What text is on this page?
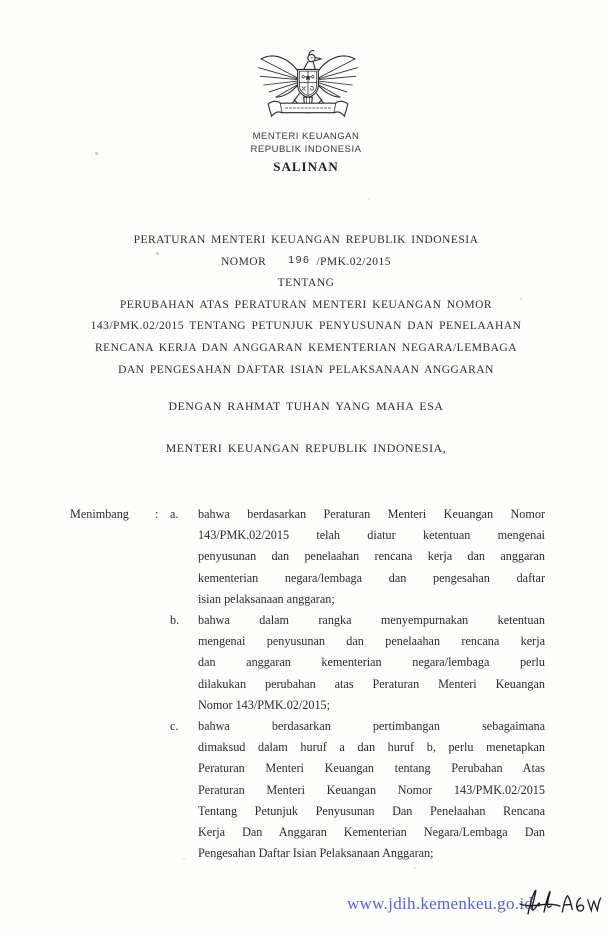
MENTERI KEUANGAN
REPUBLIK INDONESIA
SALINAN
PERATURAN MENTERI KEUANGAN REPUBLIK INDONESIA
NOMOR 196 /PMK.02/2015
TENTANG
PERUBAHAN ATAS PERATURAN MENTERI KEUANGAN NOMOR
143/PMK.02/2015 TENTANG PETUNJUK PENYUSUNAN DAN PENELAAHAN
RENCANA KERJA DAN ANGGARAN KEMENTERIAN NEGARA/LEMBAGA
DAN PENGESAHAN DAFTAR ISIAN PELAKSANAAN ANGGARAN
DENGAN RAHMAT TUHAN YANG MAHA ESA
MENTERI KEUANGAN REPUBLIK INDONESIA,
Menimbang	: a.	bahwa berdasarkan Peraturan Menteri Keuangan Nomor
143/PMK.02/2015 telah diatur ketentuan mengenai
penyusunan dan penelaahan rencana kerja dan anggaran
kementerian negara/lembaga dan pengesahan daftar
isian pelaksanaan anggaran;
b.	bahwa dalam rangka menyempurnakan ketentuan
mengenai penyusunan dan penelaahan rencana kerja
dan anggaran kementerian negara/lembaga perlu
dilakukan perubahan atas Peraturan Menteri Keuangan
Nomor 143/PMK.02/2015;
c.	bahwa berdasarkan pertimbangan sebagaimana
dimaksud dalam huruf a dan huruf b, perlu menetapkan
Peraturan Menteri Keuangan tentang Perubahan Atas
Peraturan Menteri Keuangan Nomor 143/PMK.02/2015
Tentang Petunjuk Penyusunan Dan Penelaahan Rencana
Kerja Dan Anggaran Kementerian Negara/Lembaga Dan
Pengesahan Daftar Isian Pelaksanaan Anggaran;
www.jdih.kemenkeu.go.id
